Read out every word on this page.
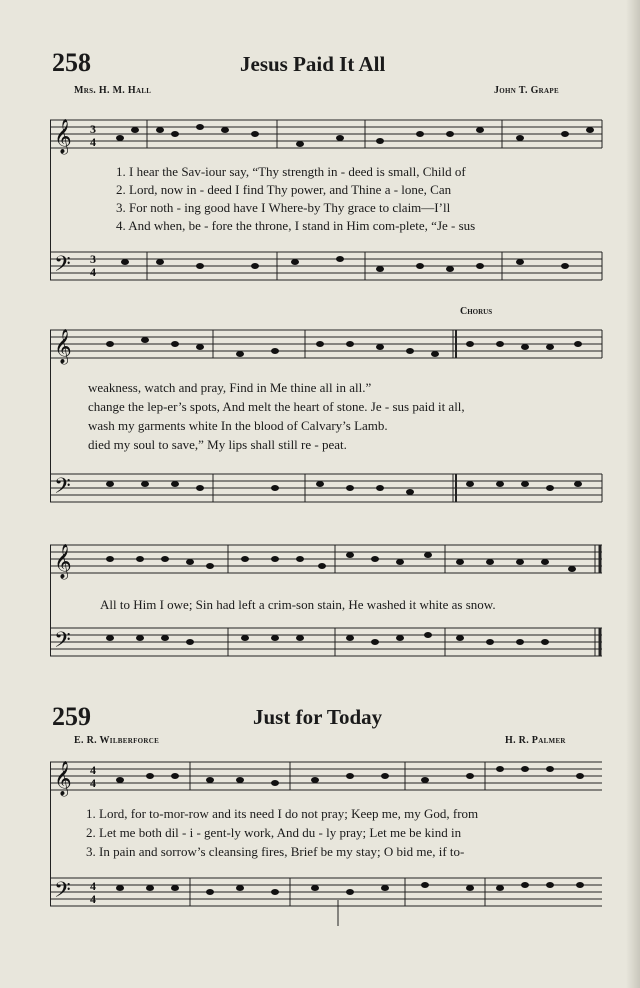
258	Jesus Paid It All
Mrs. H. M. Hall	John T. Grape
𝄞
𝄢
3
4
3
4
1. I hear the Sav-iour say, “Thy strength in - deed is small, Child of
2. Lord, now in - deed I find Thy power, and Thine a - lone, Can
3. For noth - ing good have I Where-by Thy grace to claim—I’ll
4. And when, be - fore the throne, I stand in Him com-plete, “Je - sus
Chorus
𝄞
𝄢
weakness, watch and pray, Find in Me thine all in all.”
change the lep-er’s spots, And melt the heart of stone. Je - sus paid it all,
wash my garments white In the blood of Calvary’s Lamb.
died my soul to save,” My lips shall still re - peat.
𝄞
𝄢
All to Him I owe; Sin had left a crim-son stain, He washed it white as snow.
259	Just for Today
E. R. Wilberforce	H. R. Palmer
𝄞
𝄢
4
4
4
4
1. Lord, for to-mor-row and its need I do not pray; Keep me, my God, from
2. Let me both dil - i - gent-ly work, And du - ly pray; Let me be kind in
3. In pain and sorrow’s cleansing fires, Brief be my stay; O bid me, if to-
